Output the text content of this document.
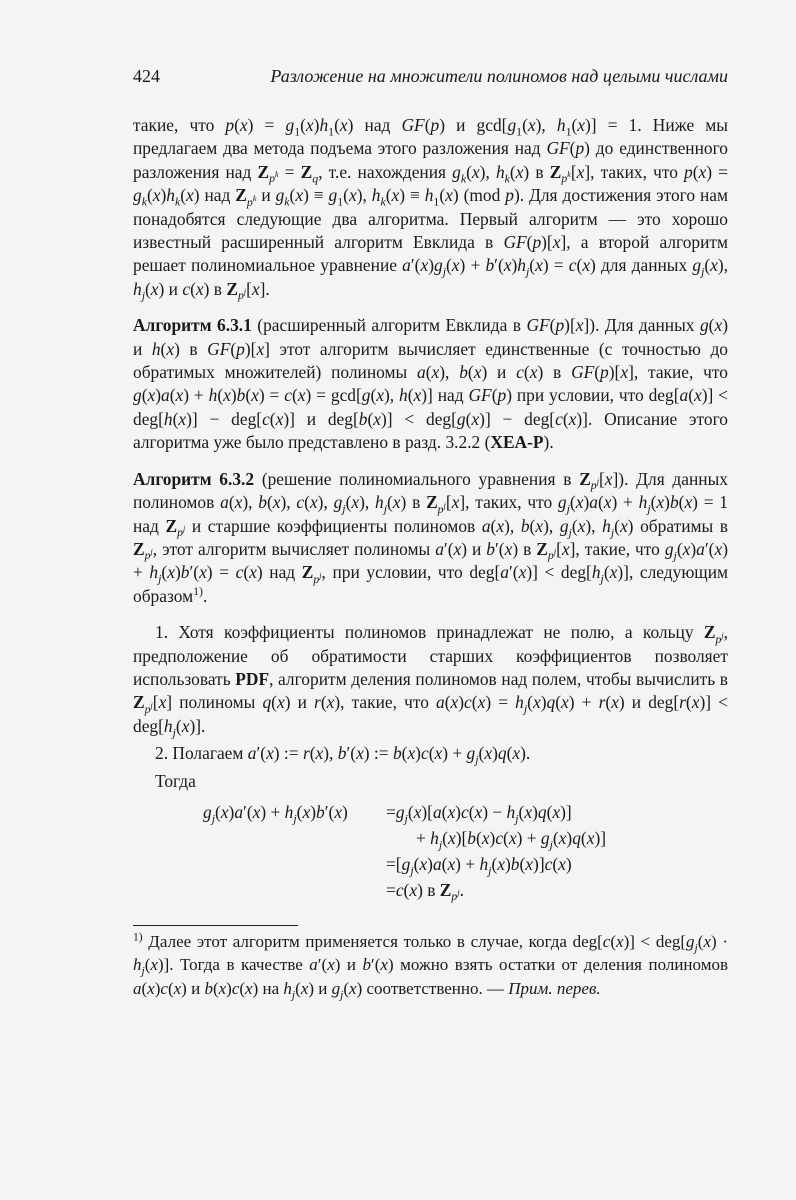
424	Разложение на множители полиномов над целыми числами

такие, что $p(x) = g_1(x)h_1(x)$ над GF(p) и $\gcd[g_1(x)$, $h_1(x)] = 1$. Ниже мы предлагаем два метода подъема этого разложения над GF(p) до единственного разложения над $Z_{p^k} = Z_q$, т.е. нахождения $g_k(x)$, $h_k(x)$ в $Z_{p^k}[x]$, таких, что $p(x) = g_k(x)h_k(x)$ над $Z_{p^k}$ и $g_k(x) \equiv g_1(x)$, $h_k(x) \equiv h_1(x)$ (mod p). Для достижения этого нам понадобятся следующие два алгоритма. Первый алгоритм — это хорошо известный расширенный алгоритм Евклида в GF(p)[x], а второй алгоритм решает полиномиальное уравнение $a'(x)g_j(x) + b'(x)h_j(x) = c(x)$ для данных $g_j(x)$, $h_j(x)$ и c(x) в $Z_{p^j}[x]$.

Алгоритм 6.3.1 (расширенный алгоритм Евклида в GF(p)[x]). Для данных g(x) и h(x) в GF(p)[x] этот алгоритм вычисляет единственные (с точностью до обратимых множителей) полиномы a(x), b(x) и c(x) в GF(p)[x], такие, что g(x)a(x) + h(x)b(x) = c(x) = gcd[g(x), h(x)] над GF(p) при условии, что deg[a(x)] < deg[h(x)] − deg[c(x)] и deg[b(x)] < deg[g(x)] − deg[c(x)]. Описание этого алгоритма уже было представлено в разд. 3.2.2 (XEA-P).

Алгоритм 6.3.2 (решение полиномиального уравнения в $Z_{p^j}[x]$). Для данных полиномов a(x), b(x), c(x), $g_j(x)$, $h_j(x)$ в $Z_{p^j}[x]$, таких, что $g_j(x)a(x) + h_j(x)b(x) = 1$ над $Z_{p^j}$ и старшие коэффициенты полиномов a(x), b(x), $g_j(x)$, $h_j(x)$ обратимы в $Z_{p^j}$, этот алгоритм вычисляет полиномы a′(x) и b′(x) в $Z_{p^j}[x]$, такие, что $g_j(x)a'(x) + h_j(x)b'(x) = c(x)$ над $Z_{p^j}$, при условии, что $deg[a'(x)] < deg[h_j(x)]$, следующим образом$^{1)}$.

1. Хотя коэффициенты полиномов принадлежат не полю, а кольцу $Z_{p^j}$, предположение об обратимости старших коэффициентов позволяет использовать PDF, алгоритм деления полиномов над полем, чтобы вычислить в $Z_{p^j}[x]$ полиномы q(x) и r(x), такие, что $a(x)c(x) = h_j(x)q(x) + r(x)$ и $deg[r(x)] < deg[h_j(x)]$.

2. Полагаем a′(x) := r(x), b′(x) := $b(x)c(x) + g_j(x)q(x)$.

Тогда

$g_j(x)a'(x) + h_j(x)b'(x) =g_j(x)[a(x)c(x) - h_j(x)q(x)]$
+ $h_j(x)[b(x)c(x) + g_j(x)q(x)]$
$=[g_j(x)a(x) + h_j(x)b(x)]c(x)$
=c(x) в $Z_{p^j}$.

$^{1)}$ Далее этот алгоритм применяется только в случае, когда $deg[c(x)] < deg[g_j(x) \cdot h_j(x)]$. Тогда в качестве a′(x) и b′(x) можно взять остатки от деления полиномов a(x)c(x) и b(x)c(x) на $h_j(x)$ и $g_j(x)$ соответственно. — Прим. перев.
